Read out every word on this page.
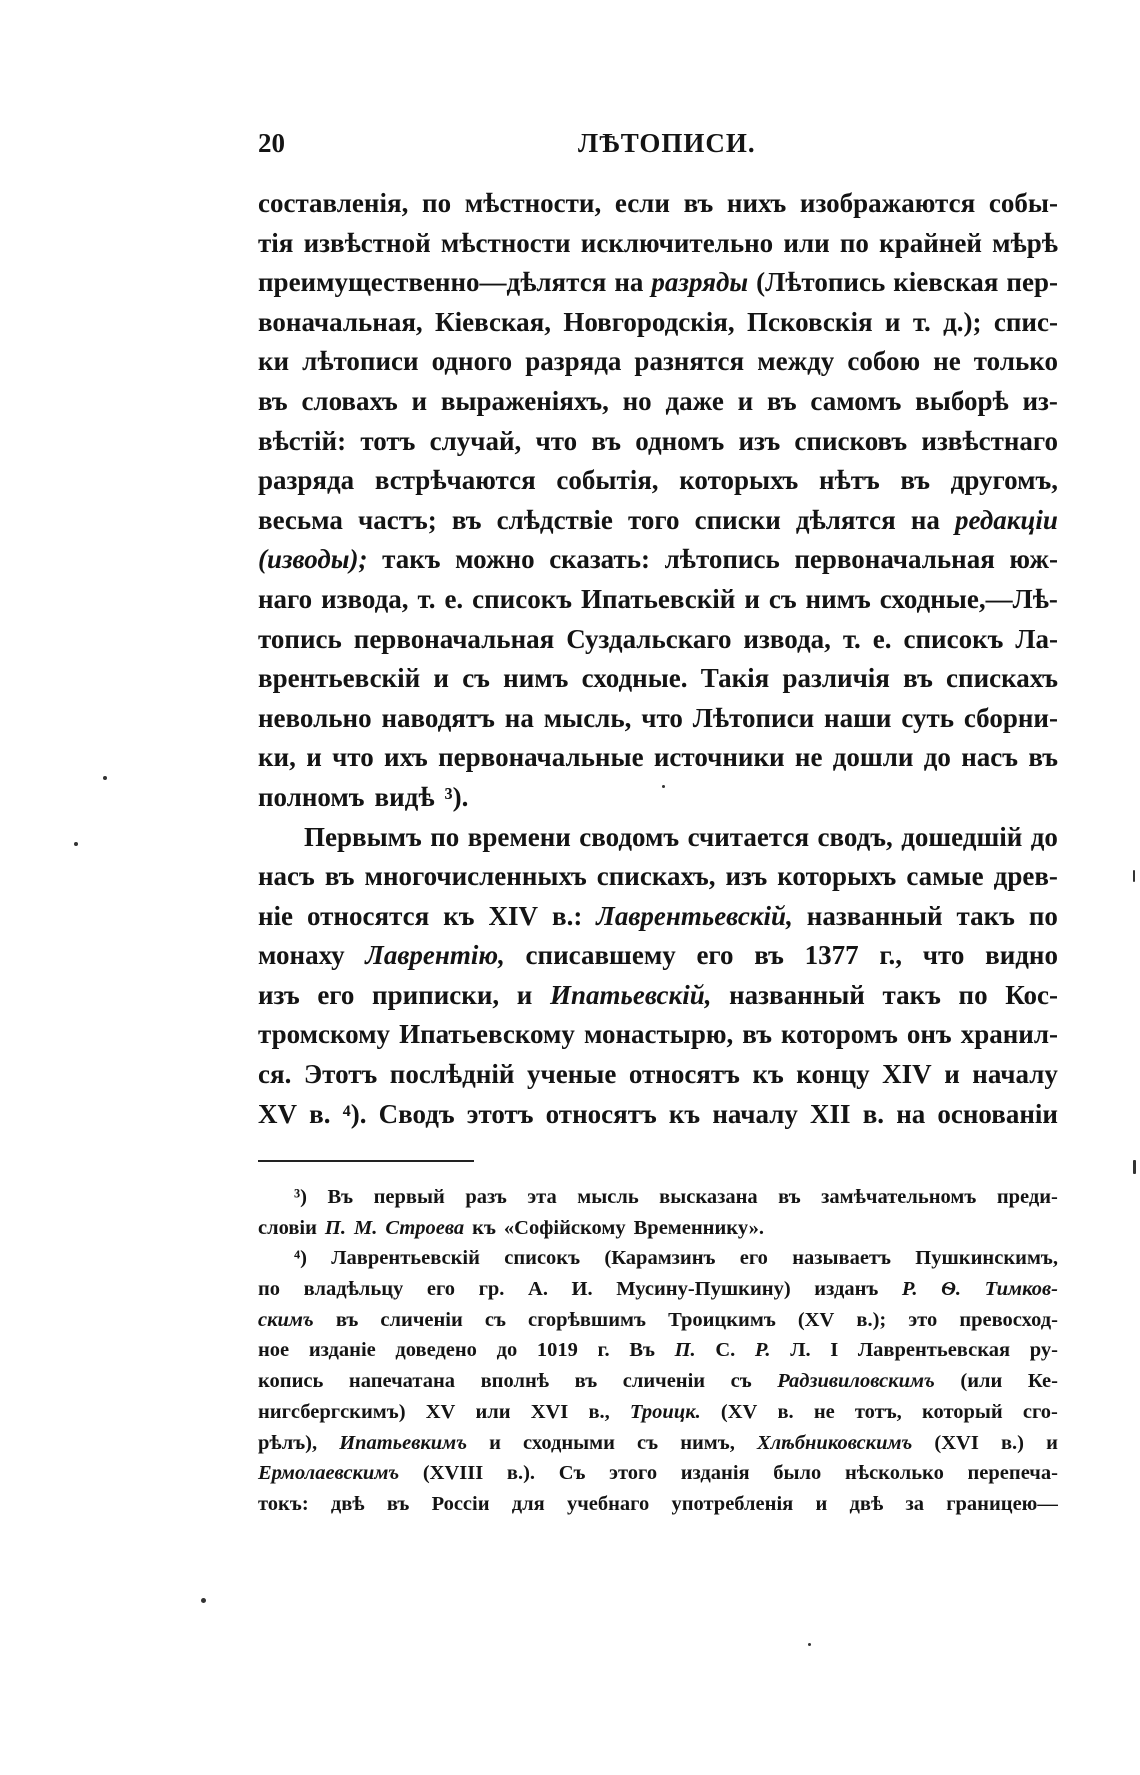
20	ЛѢТОПИСИ.
составленія, по мѣстности, если въ нихъ изображаются собы-
тія извѣстной мѣстности исключительно или по крайней мѣрѣ
преимущественно—дѣлятся на разряды (Лѣтопись кіевская пер-
воначальная, Кіевская, Новгородскія, Псковскія и т. д.); спис-
ки лѣтописи одного разряда разнятся между собою не только
въ словахъ и выраженіяхъ, но даже и въ самомъ выборѣ из-
вѣстій: тотъ случай, что въ одномъ изъ списковъ извѣстнаго
разряда встрѣчаются событія, которыхъ нѣтъ въ другомъ,
весьма частъ; въ слѣдствіе того списки дѣлятся на редакціи
(изводы); такъ можно сказать: лѣтопись первоначальная юж-
наго извода, т. е. списокъ Ипатьевскій и съ нимъ сходные,—Лѣ-
топись первоначальная Суздальскаго извода, т. е. списокъ Ла-
врентьевскій и съ нимъ сходные. Такія различія въ спискахъ
невольно наводятъ на мысль, что Лѣтописи наши суть сборни-
ки, и что ихъ первоначальные источники не дошли до насъ въ
полномъ видѣ ³).
Первымъ по времени сводомъ считается сводъ, дошедшій до
насъ въ многочисленныхъ спискахъ, изъ которыхъ самые древ-
ніе относятся къ XIV в.: Лаврентьевскій, названный такъ по
монаху Лаврентію, списавшему его въ 1377 г., что видно
изъ его приписки, и Ипатьевскій, названный такъ по Кос-
тромскому Ипатьевскому монастырю, въ которомъ онъ хранил-
ся. Этотъ послѣдній ученые относятъ къ концу XIV и началу
XV в. ⁴). Сводъ этотъ относятъ къ началу XII в. на основаніи
³) Въ первый разъ эта мысль высказана въ замѣчательномъ преди-
словіи П. М. Строева къ «Софійскому Временнику».
⁴) Лаврентьевскій списокъ (Карамзинъ его называетъ Пушкинскимъ,
по владѣльцу его гр. А. И. Мусину-Пушкину) изданъ Р. Ѳ. Тимков-
скимъ въ сличеніи съ сгорѣвшимъ Троицкимъ (XV в.); это превосход-
ное изданіе доведено до 1019 г. Въ П. С. Р. Л. I Лаврентьевская ру-
копись напечатана вполнѣ въ сличеніи съ Радзивиловскимъ (или Ке-
нигсбергскимъ) XV или XVI в., Троицк. (XV в. не тотъ, который сго-
рѣлъ), Ипатьевкимъ и сходными съ нимъ, Хлѣбниковскимъ (XVI в.) и
Ермолаевскимъ (XVIII в.). Съ этого изданія было нѣсколько перепеча-
токъ: двѣ въ Россіи для учебнаго употребленія и двѣ за границею—
